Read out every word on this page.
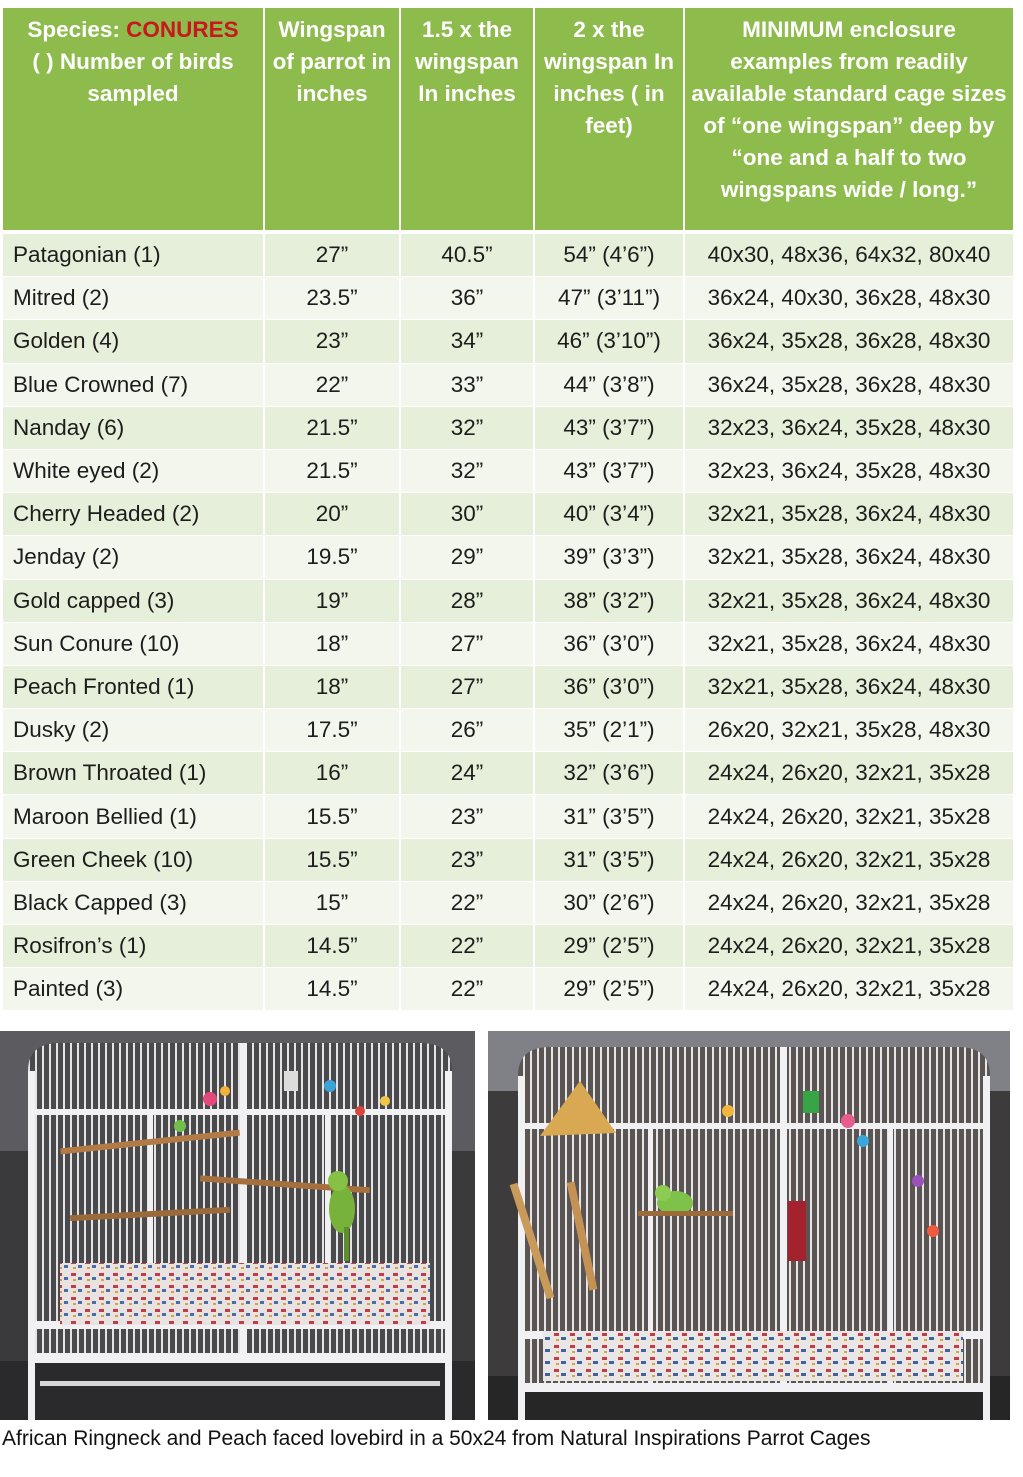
Species: CONURES
( ) Number of birds sampled	Wingspan of parrot in inches	1.5 x the wingspan In inches	2 x the wingspan In inches ( in feet)	MINIMUM enclosure examples from readily available standard cage sizes of “one wingspan” deep by “one and a half to two wingspans wide / long.”
Patagonian (1)	27”	40.5”	54” (4’6”)	40x30, 48x36, 64x32, 80x40
Mitred (2)	23.5”	36”	47” (3’11”)	36x24, 40x30, 36x28, 48x30
Golden (4)	23”	34”	46” (3’10”)	36x24, 35x28, 36x28, 48x30
Blue Crowned (7)	22”	33”	44” (3’8”)	36x24, 35x28, 36x28, 48x30
Nanday (6)	21.5”	32”	43” (3’7”)	32x23, 36x24, 35x28, 48x30
White eyed (2)	21.5”	32”	43” (3’7”)	32x23, 36x24, 35x28, 48x30
Cherry Headed (2)	20”	30”	40” (3’4”)	32x21, 35x28, 36x24, 48x30
Jenday (2)	19.5”	29”	39” (3’3”)	32x21, 35x28, 36x24, 48x30
Gold capped (3)	19”	28”	38” (3’2”)	32x21, 35x28, 36x24, 48x30
Sun Conure (10)	18”	27”	36” (3’0”)	32x21, 35x28, 36x24, 48x30
Peach Fronted (1)	18”	27”	36” (3’0”)	32x21, 35x28, 36x24, 48x30
Dusky (2)	17.5”	26”	35” (2’1”)	26x20, 32x21, 35x28, 48x30
Brown Throated (1)	16”	24”	32” (3’6”)	24x24, 26x20, 32x21, 35x28
Maroon Bellied (1)	15.5”	23”	31” (3’5”)	24x24, 26x20, 32x21, 35x28
Green Cheek (10)	15.5”	23”	31” (3’5”)	24x24, 26x20, 32x21, 35x28
Black Capped (3)	15”	22”	30” (2’6”)	24x24, 26x20, 32x21, 35x28
Rosifron’s (1)	14.5”	22”	29” (2’5”)	24x24, 26x20, 32x21, 35x28
Painted (3)	14.5”	22”	29” (2’5”)	24x24, 26x20, 32x21, 35x28
African Ringneck and Peach faced lovebird in a 50x24 from Natural Inspirations Parrot Cages
